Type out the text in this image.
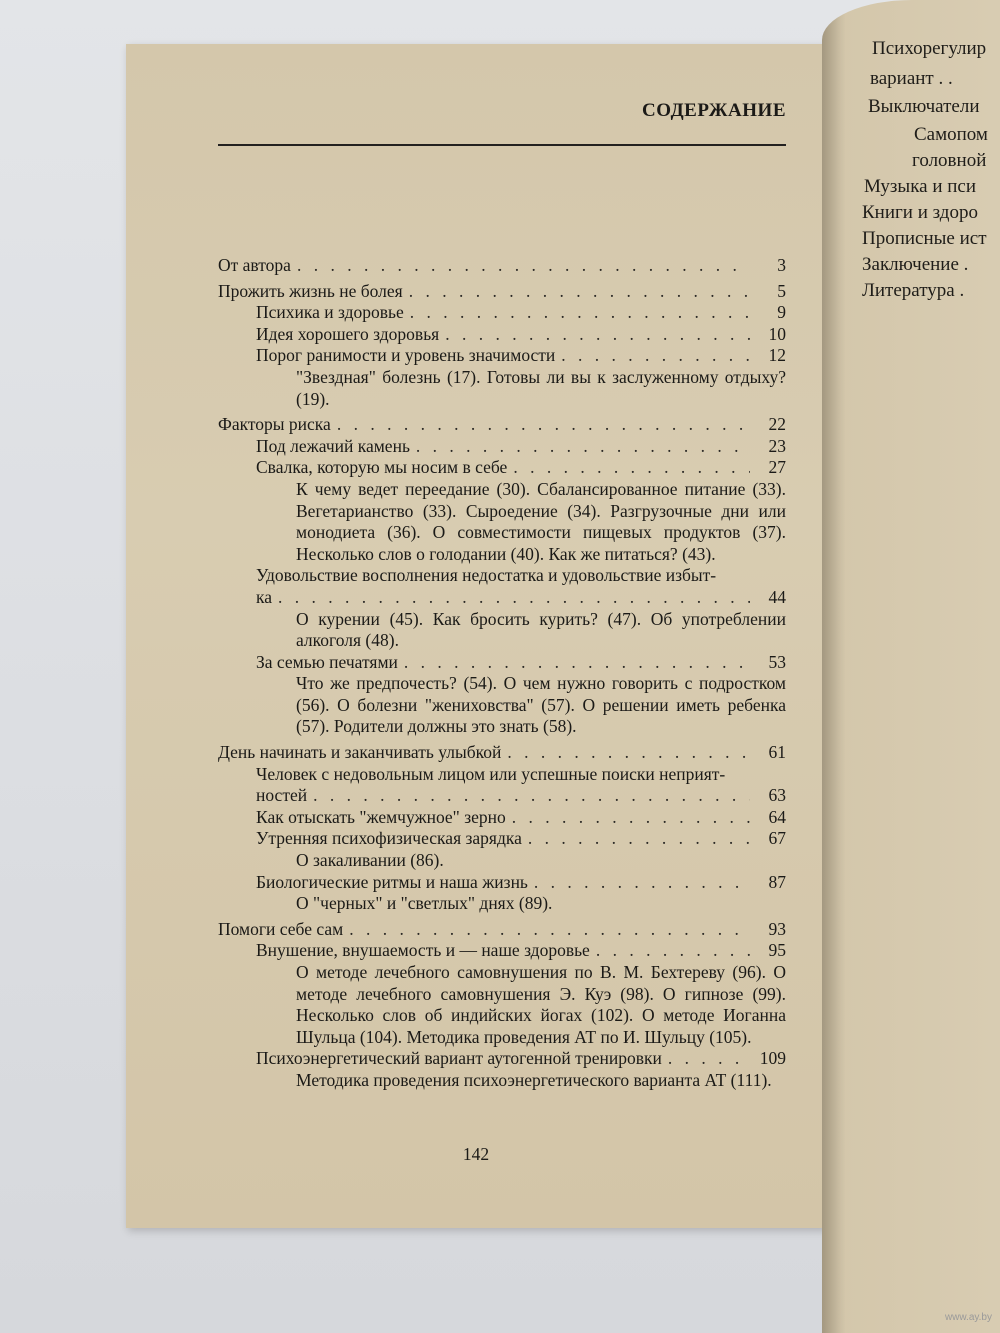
СОДЕРЖАНИЕ
От автора . . .	3
Прожить жизнь не болея . . .	5
Психика и здоровье . . .	9
Идея хорошего здоровья . . .	10
Порог ранимости и уровень значимости . . .	12
"Звездная" болезнь (17). Готовы ли вы к заслуженному отдыху? (19).
Факторы риска . . .	22
Под лежачий камень . . .	23
Свалка, которую мы носим в себе . . .	27
К чему ведет переедание (30). Сбалансированное питание (33). Вегетарианство (33). Сыроедение (34). Разгрузочные дни или монодиета (36). О совместимости пищевых продуктов (37). Несколько слов о голодании (40). Как же питаться? (43).
Удовольствие восполнения недостатка и удовольствие избыт-
ка . . .	44
О курении (45). Как бросить курить? (47). Об употреблении алкоголя (48).
За семью печатями . . .	53
Что же предпочесть? (54). О чем нужно говорить с подростком (56). О болезни "жениховства" (57). О решении иметь ребенка (57). Родители должны это знать (58).
День начинать и заканчивать улыбкой . . .	61
Человек с недовольным лицом или успешные поиски неприят-
ностей . . .	63
Как отыскать "жемчужное" зерно . . .	64
Утренняя психофизическая зарядка . . .	67
О закаливании (86).
Биологические ритмы и наша жизнь . . .	87
О "черных" и "светлых" днях (89).
Помоги себе сам . . .	93
Внушение, внушаемость и — наше здоровье . . .	95
О методе лечебного самовнушения по В. М. Бехтереву (96). О методе лечебного самовнушения Э. Куэ (98). О гипнозе (99). Несколько слов об индийских йогах (102). О методе Иоганна Шульца (104). Методика проведения АТ по И. Шульцу (105).
Психоэнергетический вариант аутогенной тренировки . . .	109
Методика проведения психоэнергетического варианта АТ (111).
142
Психорегулир
вариант . .
Выключатели
Самопом
головной
Музыка и пси
Книги и здоро
Прописные ист
Заключение .
Литература .
www.ay.by
